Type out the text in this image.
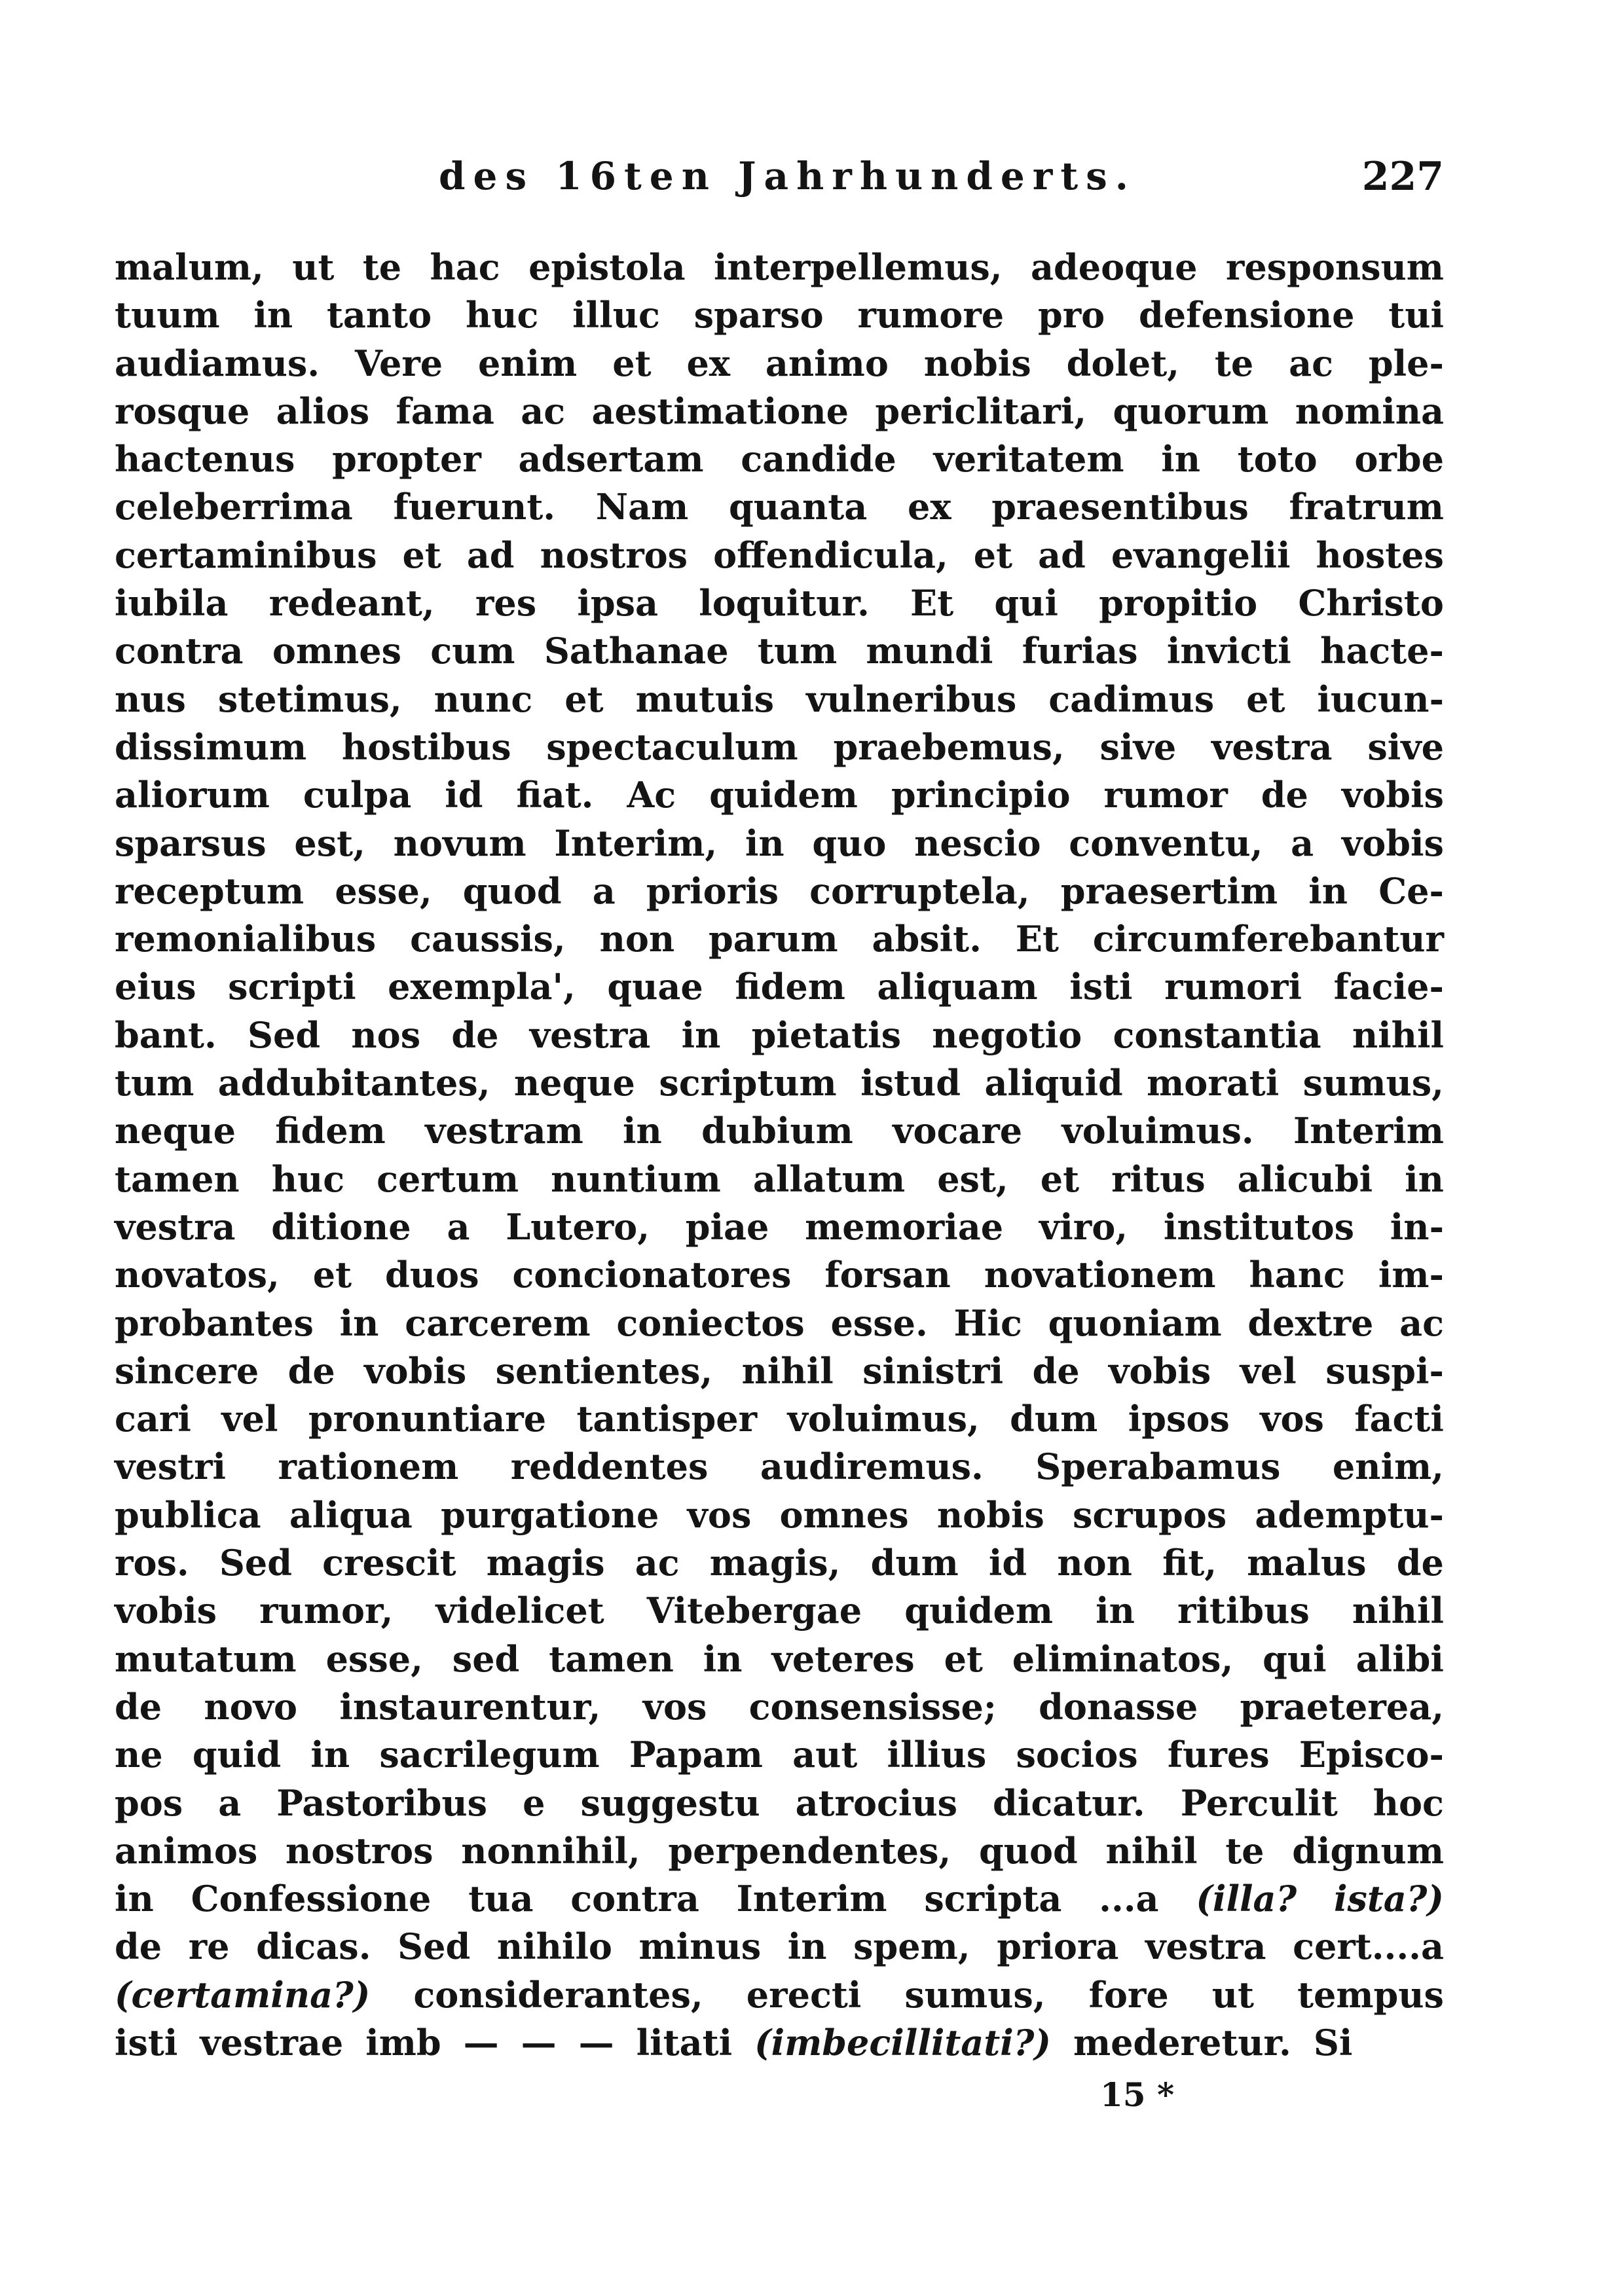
des 16ten Jahrhunderts.	227
malum, ut te hac epistola interpellemus, adeoque responsum
tuum in tanto huc illuc sparso rumore pro defensione tui
audiamus. Vere enim et ex animo nobis dolet, te ac ple-
rosque alios fama ac aestimatione periclitari, quorum nomina
hactenus propter adsertam candide veritatem in toto orbe
celeberrima fuerunt. Nam quanta ex praesentibus fratrum
certaminibus et ad nostros offendicula, et ad evangelii hostes
iubila redeant, res ipsa loquitur. Et qui propitio Christo
contra omnes cum Sathanae tum mundi furias invicti hacte-
nus stetimus, nunc et mutuis vulneribus cadimus et iucun-
dissimum hostibus spectaculum praebemus, sive vestra sive
aliorum culpa id fiat. Ac quidem principio rumor de vobis
sparsus est, novum Interim, in quo nescio conventu, a vobis
receptum esse, quod a prioris corruptela, praesertim in Ce-
remonialibus caussis, non parum absit. Et circumferebantur
eius scripti exempla', quae fidem aliquam isti rumori facie-
bant. Sed nos de vestra in pietatis negotio constantia nihil
tum addubitantes, neque scriptum istud aliquid morati sumus,
neque fidem vestram in dubium vocare voluimus. Interim
tamen huc certum nuntium allatum est, et ritus alicubi in
vestra ditione a Lutero, piae memoriae viro, institutos in-
novatos, et duos concionatores forsan novationem hanc im-
probantes in carcerem coniectos esse. Hic quoniam dextre ac
sincere de vobis sentientes, nihil sinistri de vobis vel suspi-
cari vel pronuntiare tantisper voluimus, dum ipsos vos facti
vestri rationem reddentes audiremus. Sperabamus enim,
publica aliqua purgatione vos omnes nobis scrupos ademptu-
ros. Sed crescit magis ac magis, dum id non fit, malus de
vobis rumor, videlicet Vitebergae quidem in ritibus nihil
mutatum esse, sed tamen in veteres et eliminatos, qui alibi
de novo instaurentur, vos consensisse; donasse praeterea,
ne quid in sacrilegum Papam aut illius socios fures Episco-
pos a Pastoribus e suggestu atrocius dicatur. Perculit hoc
animos nostros nonnihil, perpendentes, quod nihil te dignum
in Confessione tua contra Interim scripta ...a (illa? ista?)
de re dicas. Sed nihilo minus in spem, priora vestra cert....a
(certamina?) considerantes, erecti sumus, fore ut tempus
isti vestrae imb — — — litati (imbecillitati?) mederetur. Si
15 *
